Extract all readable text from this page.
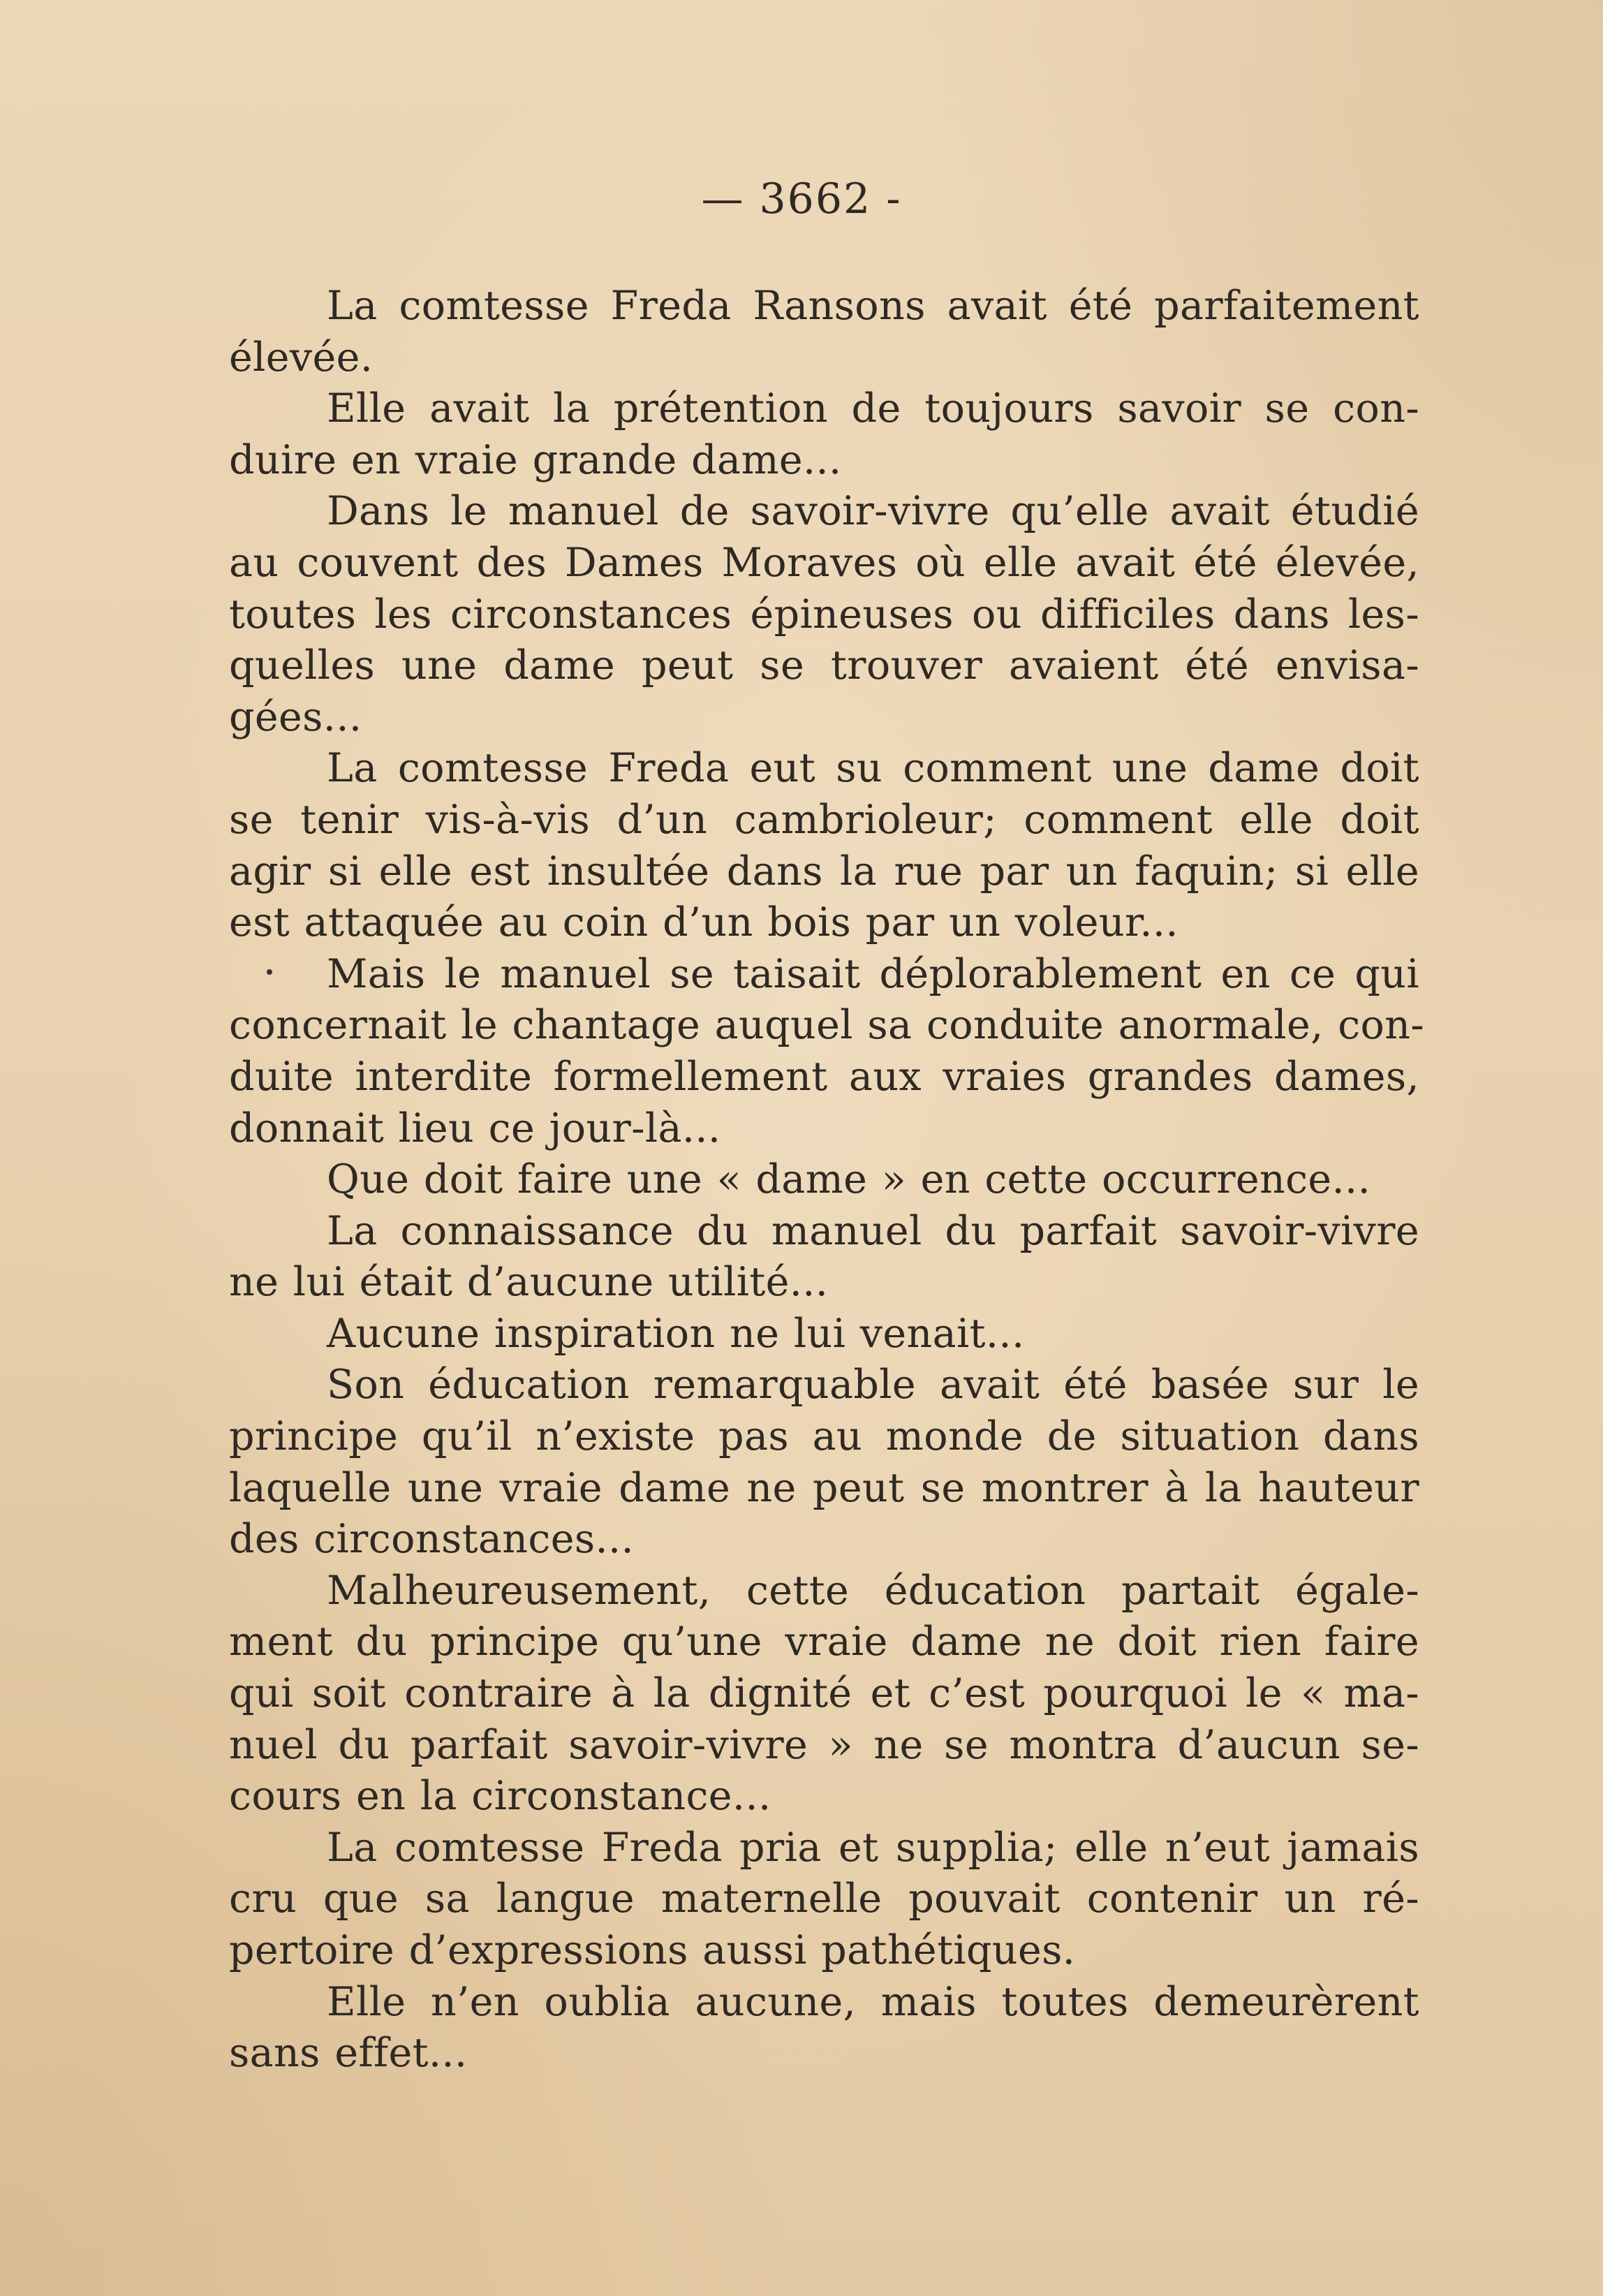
— 3662 -
La comtesse Freda Ransons avait été parfaitement
élevée.
Elle avait la prétention de toujours savoir se con-
duire en vraie grande dame...
Dans le manuel de savoir-vivre qu’elle avait étudié
au couvent des Dames Moraves où elle avait été élevée,
toutes les circonstances épineuses ou difficiles dans les-
quelles une dame peut se trouver avaient été envisa-
gées...
La comtesse Freda eut su comment une dame doit
se tenir vis-à-vis d’un cambrioleur; comment elle doit
agir si elle est insultée dans la rue par un faquin; si elle
est attaquée au coin d’un bois par un voleur...
Mais le manuel se taisait déplorablement en ce qui
concernait le chantage auquel sa conduite anormale, con-
duite interdite formellement aux vraies grandes dames,
donnait lieu ce jour-là...
Que doit faire une « dame » en cette occurrence...
La connaissance du manuel du parfait savoir-vivre
ne lui était d’aucune utilité...
Aucune inspiration ne lui venait...
Son éducation remarquable avait été basée sur le
principe qu’il n’existe pas au monde de situation dans
laquelle une vraie dame ne peut se montrer à la hauteur
des circonstances...
Malheureusement, cette éducation partait égale-
ment du principe qu’une vraie dame ne doit rien faire
qui soit contraire à la dignité et c’est pourquoi le « ma-
nuel du parfait savoir-vivre » ne se montra d’aucun se-
cours en la circonstance...
La comtesse Freda pria et supplia; elle n’eut jamais
cru que sa langue maternelle pouvait contenir un ré-
pertoire d’expressions aussi pathétiques.
Elle n’en oublia aucune, mais toutes demeurèrent
sans effet...
